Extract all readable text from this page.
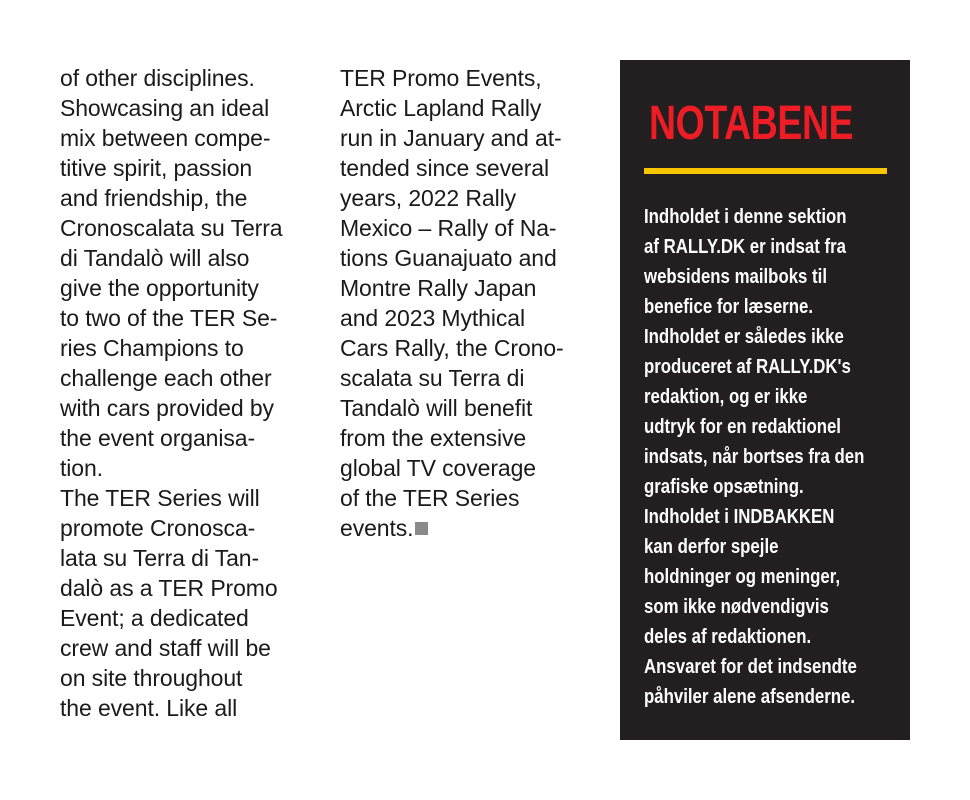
of other disciplines.
Showcasing an ideal
mix between compe-
titive spirit, passion
and friendship, the
Cronoscalata su Terra
di Tandalò will also
give the opportunity
to two of the TER Se-
ries Champions to
challenge each other
with cars provided by
the event organisa-
tion.
The TER Series will
promote Cronosca-
lata su Terra di Tan-
dalò as a TER Promo
Event; a dedicated
crew and staff will be
on site throughout
the event. Like all
TER Promo Events,
Arctic Lapland Rally
run in January and at-
tended since several
years, 2022 Rally
Mexico – Rally of Na-
tions Guanajuato and
Montre Rally Japan
and 2023 Mythical
Cars Rally, the Crono-
scalata su Terra di
Tandalò will benefit
from the extensive
global TV coverage
of the TER Series
events.
NOTABENE
Indholdet i denne sektion
af RALLY.DK er indsat fra
websidens mailboks til
benefice for læserne.
Indholdet er således ikke
produceret af RALLY.DK's
redaktion, og er ikke
udtryk for en redaktionel
indsats, når bortses fra den
grafiske opsætning.
Indholdet i INDBAKKEN
kan derfor spejle
holdninger og meninger,
som ikke nødvendigvis
deles af redaktionen.
Ansvaret for det indsendte
påhviler alene afsenderne.
